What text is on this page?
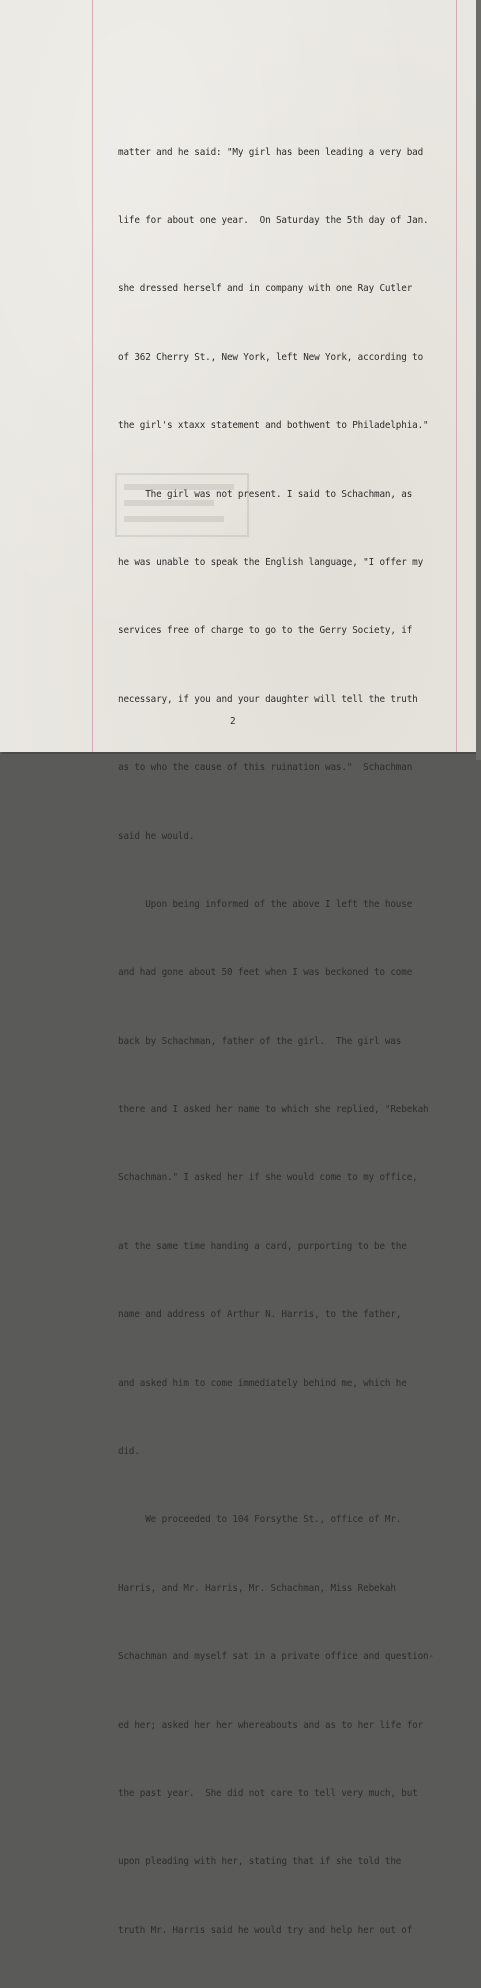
matter and he said: "My girl has been leading a very bad

life for about one year.  On Saturday the 5th day of Jan.

she dressed herself and in company with one Ray Cutler

of 362 Cherry St., New York, left New York, according to

the girl's xtaxx statement and bothwent to Philadelphia."

The girl was not present. I said to Schachman, as

he was unable to speak the English language, "I offer my

services free of charge to go to the Gerry Society, if

necessary, if you and your daughter will tell the truth

as to who the cause of this ruination was."  Schachman

said he would.

Upon being informed of the above I left the house

and had gone about 50 feet when I was beckoned to come

back by Schachman, father of the girl.  The girl was

there and I asked her name to which she replied, "Rebekah

Schachman." I asked her if she would come to my office,

at the same time handing a card, purporting to be the

name and address of Arthur N. Harris, to the father,

and asked him to come immediately behind me, which he

did.

We proceeded to 104 Forsythe St., office of Mr.

Harris, and Mr. Harris, Mr. Schachman, Miss Rebekah

Schachman and myself sat in a private office and question-

ed her; asked her her whereabouts and as to her life for

the past year.  She did not care to tell very much, but

upon pleading with her, stating that if she told the

truth Mr. Harris said he would try and help her out of

2
